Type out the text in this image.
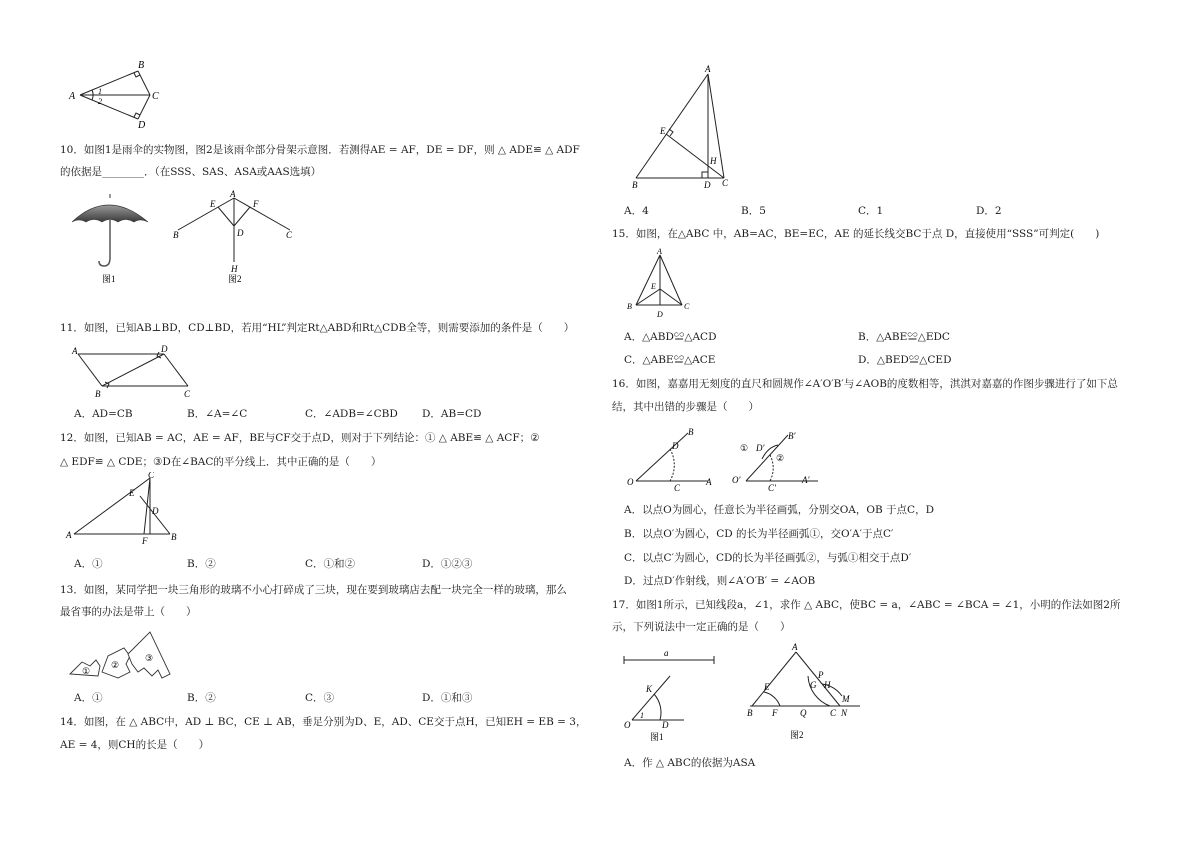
A
B
C
D
1
2
10．如图1是雨伞的实物图，图2是该雨伞部分骨架示意图．若测得AE = AF，DE = DF，则 △ ADE≌ △ ADF
的依据是________．（在SSS、SAS、ASA或AAS选填）
图1
A
E	F
B	C
D
H
图2
11．如图，已知AB⊥BD，CD⊥BD，若用“HL”判定Rt△ABD和Rt△CDB全等，则需要添加的条件是（　　）
A	D
B	C
A．AD=CB	B．∠A=∠C	C．∠ADB=∠CBD D．AB=CD
12．如图，已知AB = AC，AE = AF，BE与CF交于点D，则对于下列结论：① △ ABE≌ △ ACF；②
△ EDF≌ △ CDE；③D在∠BAC的平分线上．其中正确的是（　　）
C
E
D
A
F	B
A．①	B．②	C．①和②	D．①②③
13．如图，某同学把一块三角形的玻璃不小心打碎成了三块，现在要到玻璃店去配一块完全一样的玻璃，那么
最省事的办法是带上（　　）
①
②
③
A．①	B．②	C．③	D．①和③
14．如图，在 △ ABC中，AD ⊥ BC，CE ⊥ AB，垂足分别为D、E，AD、CE交于点H，已知EH = EB = 3，
AE = 4，则CH的长是（　　）
A
E
H
B	D C
A．4	B．5	C．1	D．2
15．如图，在△ABC 中，AB=AC，BE=EC，AE 的延长线交BC于点 D，直接使用“SSS”可判定(　　)
A
E
B
D
C
A．△ABD≌△ACD	B．△ABE≌△EDC
C．△ABE≌△ACE	D．△BED≌△CED
16．如图，嘉嘉用无刻度的直尺和圆规作∠A′O′B′与∠AOB的度数相等，淇淇对嘉嘉的作图步骤进行了如下总
结，其中出错的步骤是（　　）
B
D
O
C
A
① D′
B′
②
O′
C′
A′
A．以点O为圆心，任意长为半径画弧，分别交OA，OB 于点C，D
B．以点O′为圆心，CD 的长为半径画弧①，交O′A′于点C′
C．以点C′为圆心，CD的长为半径画弧②，与弧①相交于点D′
D．过点D′作射线，则∠A′O′B′ = ∠AOB
17．如图1所示，已知线段a，∠1，求作 △ ABC，使BC = a，∠ABC = ∠BCA = ∠1，小明的作法如图2所
示，下列说法中一定正确的是（　　）
a
K
O
1
D
图1
A
E
P
G H
M
B F	Q	C N
图2
A．作 △ ABC的依据为ASA
